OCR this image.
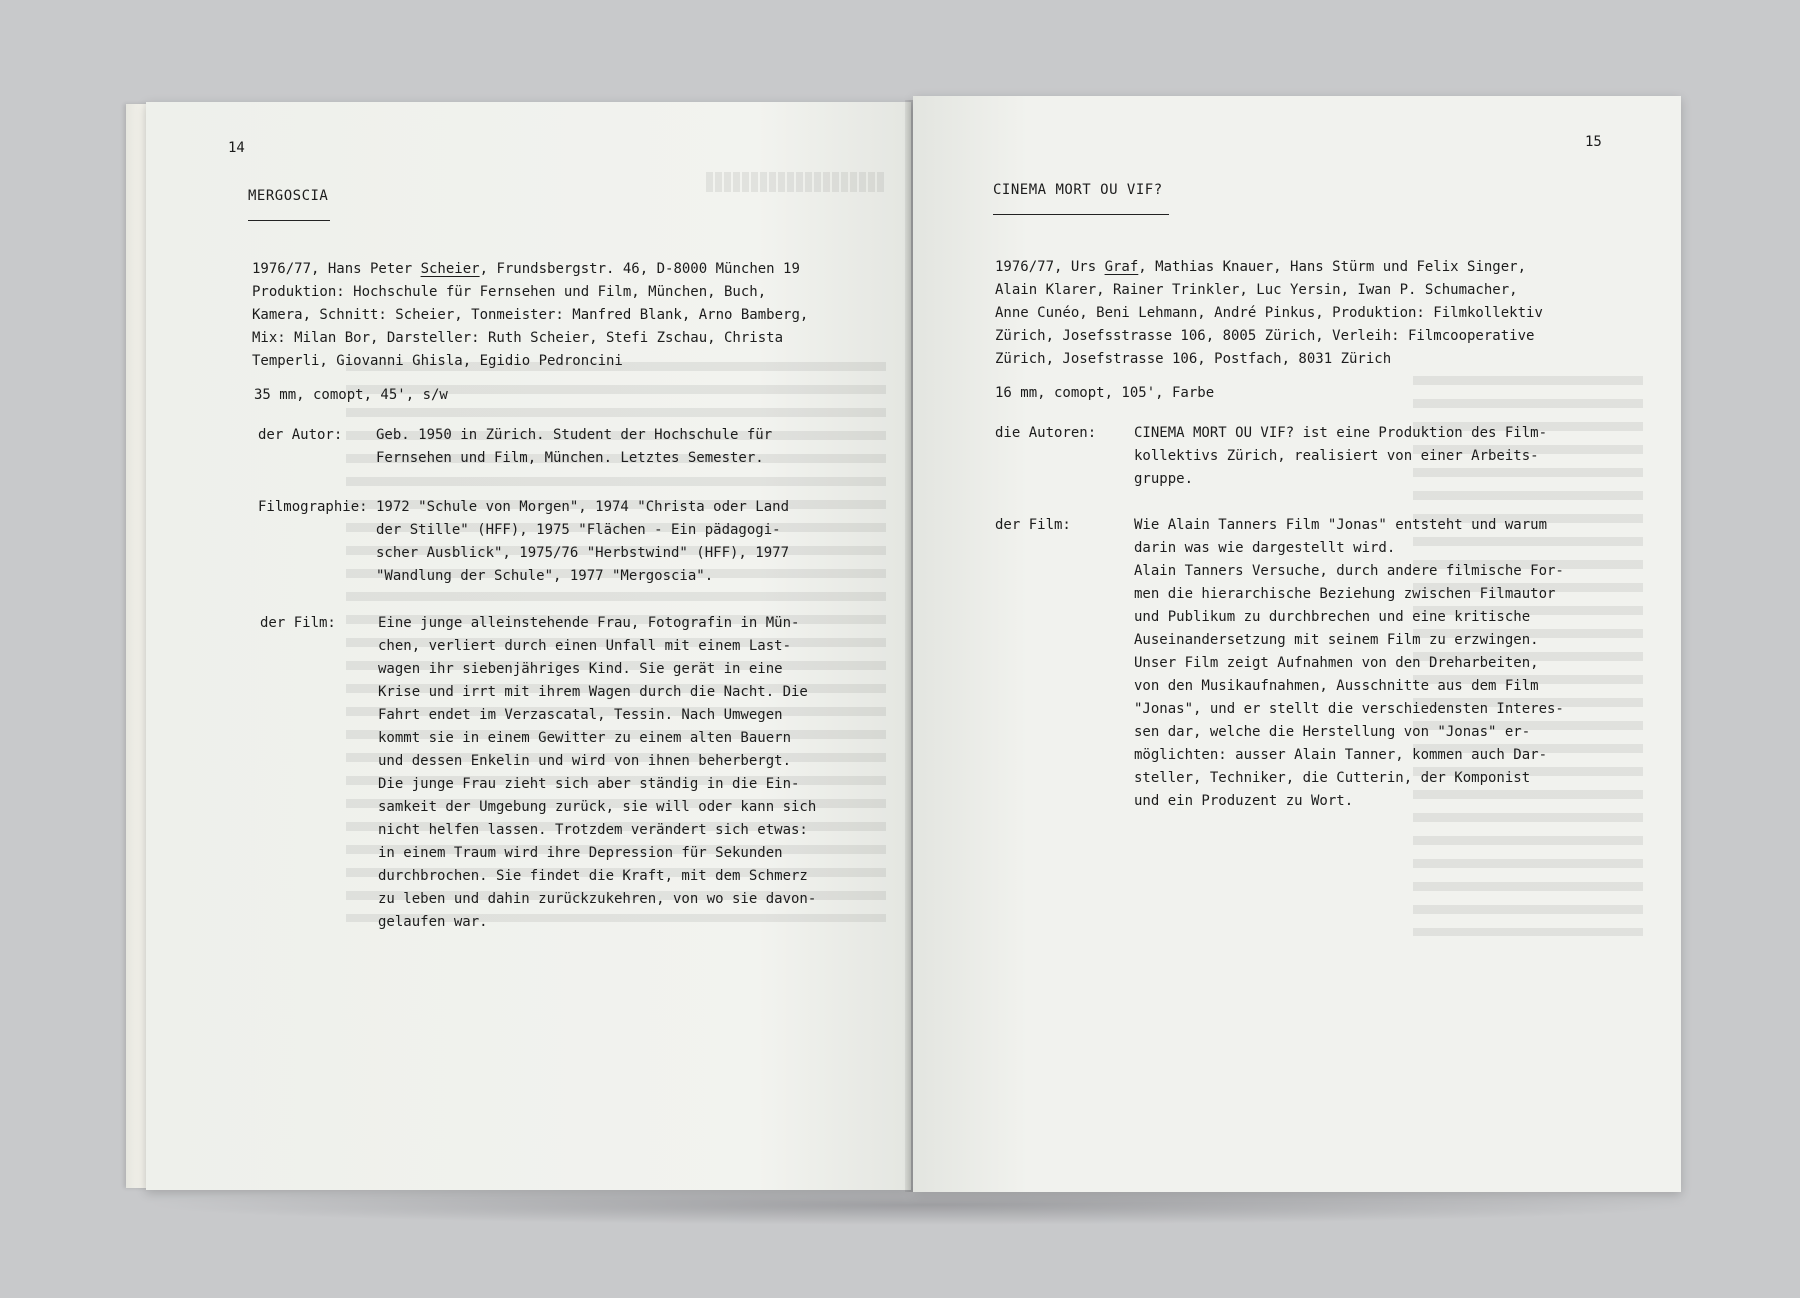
14
MERGOSCIA
1976/77, Hans Peter Scheier, Frundsbergstr. 46, D-8000 München 19
Produktion: Hochschule für Fernsehen und Film, München, Buch,
Kamera, Schnitt: Scheier, Tonmeister: Manfred Blank, Arno Bamberg,
Mix: Milan Bor, Darsteller: Ruth Scheier, Stefi Zschau, Christa
Temperli, Giovanni Ghisla, Egidio Pedroncini
35 mm, comopt, 45', s/w
der Autor: Geb. 1950 in Zürich. Student der Hochschule für
Fernsehen und Film, München. Letztes Semester.
Filmographie: 1972 "Schule von Morgen", 1974 "Christa oder Land
der Stille" (HFF), 1975 "Flächen - Ein pädagogi-
scher Ausblick", 1975/76 "Herbstwind" (HFF), 1977
"Wandlung der Schule", 1977 "Mergoscia".
der Film:	Eine junge alleinstehende Frau, Fotografin in Mün-
chen, verliert durch einen Unfall mit einem Last-
wagen ihr siebenjähriges Kind. Sie gerät in eine
Krise und irrt mit ihrem Wagen durch die Nacht. Die
Fahrt endet im Verzascatal, Tessin. Nach Umwegen
kommt sie in einem Gewitter zu einem alten Bauern
und dessen Enkelin und wird von ihnen beherbergt.
Die junge Frau zieht sich aber ständig in die Ein-
samkeit der Umgebung zurück, sie will oder kann sich
nicht helfen lassen. Trotzdem verändert sich etwas:
in einem Traum wird ihre Depression für Sekunden
durchbrochen. Sie findet die Kraft, mit dem Schmerz
zu leben und dahin zurückzukehren, von wo sie davon-
gelaufen war.
15
CINEMA MORT OU VIF?
1976/77, Urs Graf, Mathias Knauer, Hans Stürm und Felix Singer,
Alain Klarer, Rainer Trinkler, Luc Yersin, Iwan P. Schumacher,
Anne Cunéo, Beni Lehmann, André Pinkus, Produktion: Filmkollektiv
Zürich, Josefsstrasse 106, 8005 Zürich, Verleih: Filmcooperative
Zürich, Josefstrasse 106, Postfach, 8031 Zürich
16 mm, comopt, 105', Farbe
die Autoren:	CINEMA MORT OU VIF? ist eine Produktion des Film-
kollektivs Zürich, realisiert von einer Arbeits-
gruppe.
der Film:	Wie Alain Tanners Film "Jonas" entsteht und warum
darin was wie dargestellt wird.
Alain Tanners Versuche, durch andere filmische For-
men die hierarchische Beziehung zwischen Filmautor
und Publikum zu durchbrechen und eine kritische
Auseinandersetzung mit seinem Film zu erzwingen.
Unser Film zeigt Aufnahmen von den Dreharbeiten,
von den Musikaufnahmen, Ausschnitte aus dem Film
"Jonas", und er stellt die verschiedensten Interes-
sen dar, welche die Herstellung von "Jonas" er-
möglichten: ausser Alain Tanner, kommen auch Dar-
steller, Techniker, die Cutterin, der Komponist
und ein Produzent zu Wort.
